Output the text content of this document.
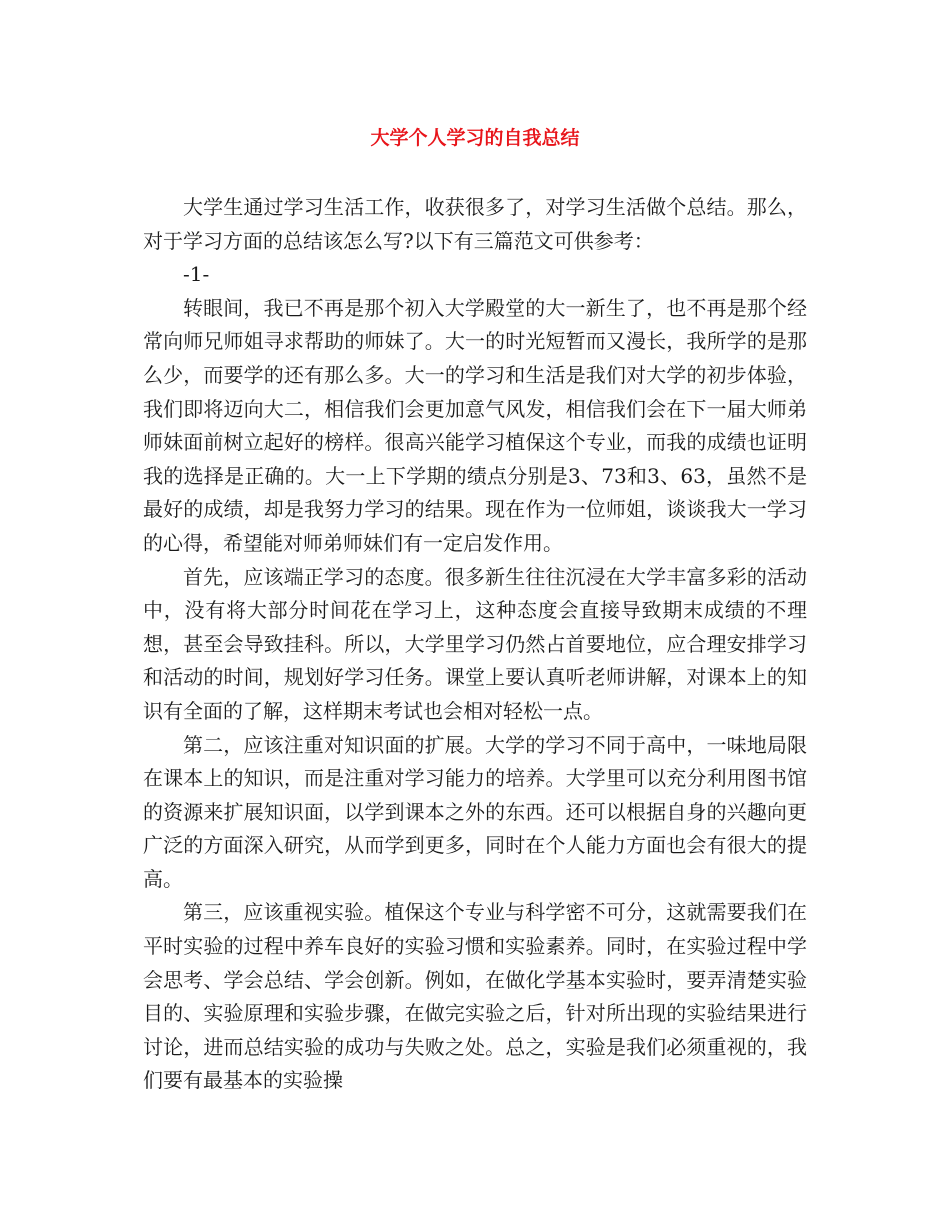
大学个人学习的自我总结

大学生通过学习生活工作，收获很多了，对学习生活做个总结。那么，对于学习方面的总结该怎么写?以下有三篇范文可供参考：

-1-

转眼间，我已不再是那个初入大学殿堂的大一新生了，也不再是那个经常向师兄师姐寻求帮助的师妹了。大一的时光短暂而又漫长，我所学的是那么少，而要学的还有那么多。大一的学习和生活是我们对大学的初步体验，我们即将迈向大二，相信我们会更加意气风发，相信我们会在下一届大师弟师妹面前树立起好的榜样。很高兴能学习植保这个专业，而我的成绩也证明我的选择是正确的。大一上下学期的绩点分别是3、73和3、63，虽然不是最好的成绩，却是我努力学习的结果。现在作为一位师姐，谈谈我大一学习的心得，希望能对师弟师妹们有一定启发作用。

首先，应该端正学习的态度。很多新生往往沉浸在大学丰富多彩的活动中，没有将大部分时间花在学习上，这种态度会直接导致期末成绩的不理想，甚至会导致挂科。所以，大学里学习仍然占首要地位，应合理安排学习和活动的时间，规划好学习任务。课堂上要认真听老师讲解，对课本上的知识有全面的了解，这样期末考试也会相对轻松一点。

第二，应该注重对知识面的扩展。大学的学习不同于高中，一味地局限在课本上的知识，而是注重对学习能力的培养。大学里可以充分利用图书馆的资源来扩展知识面，以学到课本之外的东西。还可以根据自身的兴趣向更广泛的方面深入研究，从而学到更多，同时在个人能力方面也会有很大的提高。

第三，应该重视实验。植保这个专业与科学密不可分，这就需要我们在平时实验的过程中养车良好的实验习惯和实验素养。同时，在实验过程中学会思考、学会总结、学会创新。例如，在做化学基本实验时，要弄清楚实验目的、实验原理和实验步骤，在做完实验之后，针对所出现的实验结果进行讨论，进而总结实验的成功与失败之处。总之，实验是我们必须重视的，我们要有最基本的实验操
